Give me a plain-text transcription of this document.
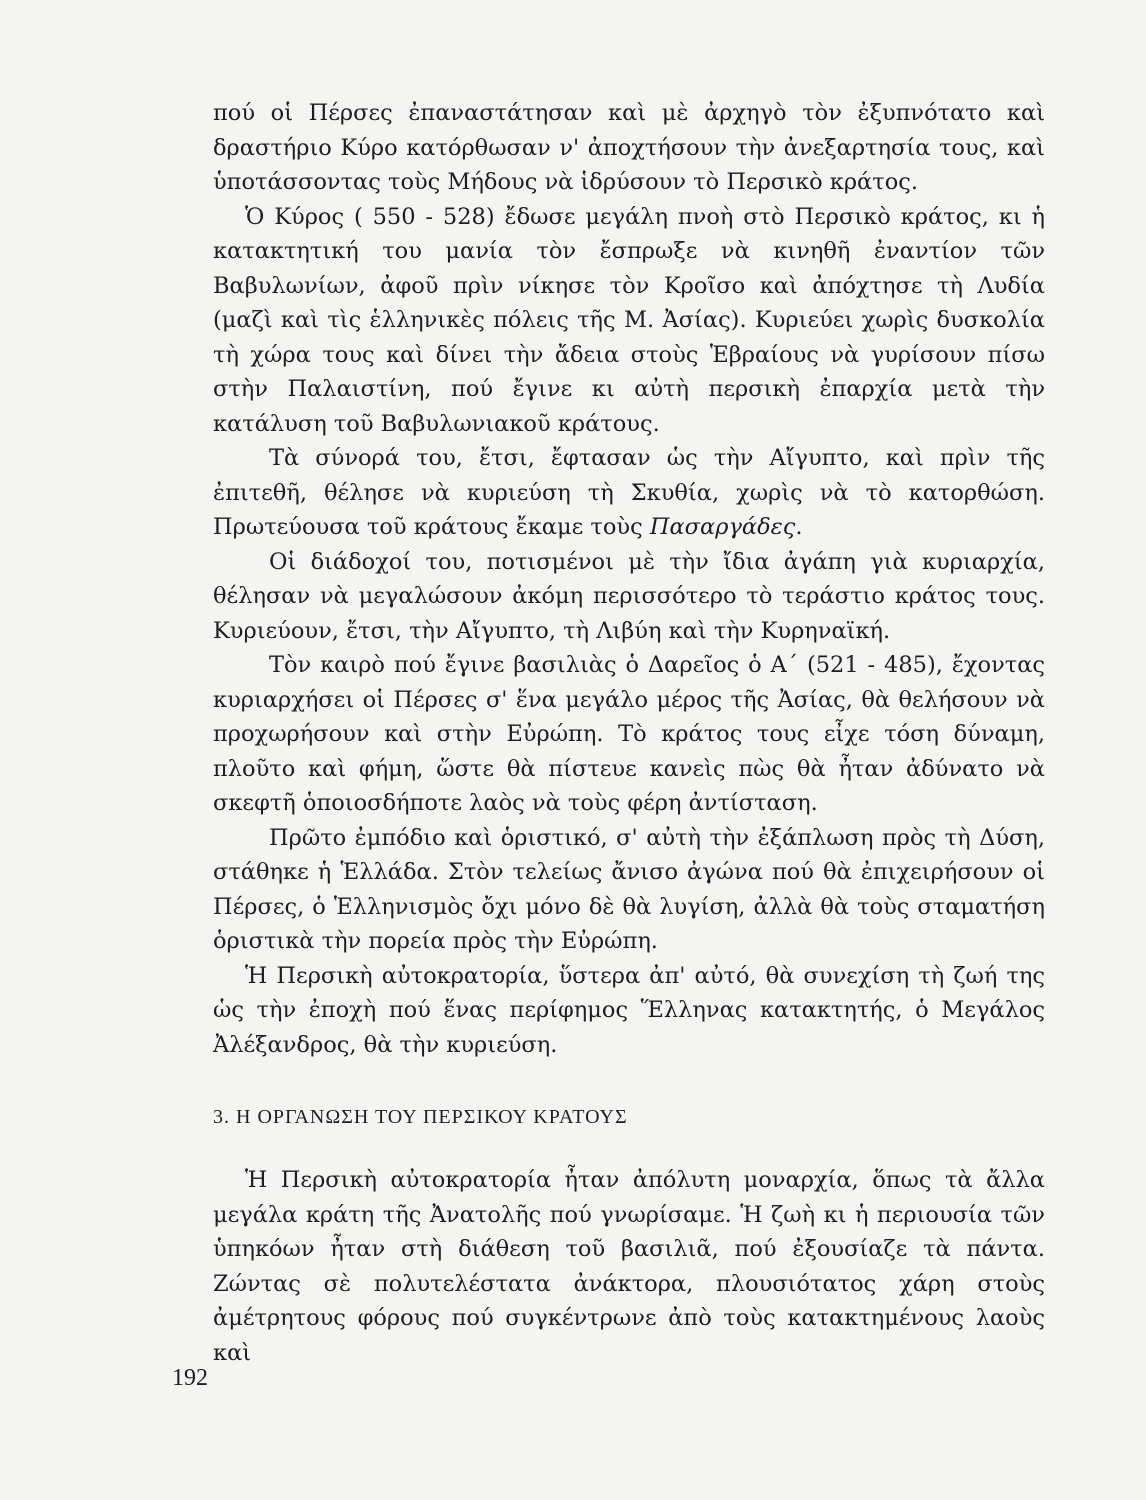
πού οἱ Πέρσες ἐπαναστάτησαν καὶ μὲ ἀρχηγὸ τὸν ἐξυπνότατο καὶ δραστήριο Κύρο κατόρθωσαν ν' ἀποχτήσουν τὴν ἀνεξαρτησία τους, καὶ ὑποτάσσοντας τοὺς Μήδους νὰ ἱδρύσουν τὸ Περσικὸ κράτος.

Ὁ Κύρος ( 550 - 528) ἔδωσε μεγάλη πνοὴ στὸ Περσικὸ κράτος, κι ἡ κατακτητική του μανία τὸν ἔσπρωξε νὰ κινηθῆ ἐναντίον τῶν Βαβυλωνίων, ἀφοῦ πρὶν νίκησε τὸν Κροῖσο καὶ ἀπόχτησε τὴ Λυδία (μαζὶ καὶ τὶς ἑλληνικὲς πόλεις τῆς Μ. Ἀσίας). Κυριεύει χωρὶς δυσκολία τὴ χώρα τους καὶ δίνει τὴν ἄδεια στοὺς Ἑβραίους νὰ γυρίσουν πίσω στὴν Παλαιστίνη, πού ἔγινε κι αὐτὴ περσικὴ ἐπαρχία μετὰ τὴν κατάλυση τοῦ Βαβυλωνιακοῦ κράτους.

Τὰ σύνορά του, ἔτσι, ἔφτασαν ὡς τὴν Αἴγυπτο, καὶ πρὶν τῆς ἐπιτεθῆ, θέλησε νὰ κυριεύση τὴ Σκυθία, χωρὶς νὰ τὸ κατορθώση. Πρωτεύουσα τοῦ κράτους ἔκαμε τοὺς Πασαργάδες.

Οἱ διάδοχοί του, ποτισμένοι μὲ τὴν ἴδια ἀγάπη γιὰ κυριαρχία, θέλησαν νὰ μεγαλώσουν ἀκόμη περισσότερο τὸ τεράστιο κράτος τους. Κυριεύουν, ἔτσι, τὴν Αἴγυπτο, τὴ Λιβύη καὶ τὴν Κυρηναϊκή.

Τὸν καιρὸ πού ἔγινε βασιλιὰς ὁ Δαρεῖος ὁ Α΄ (521 - 485), ἔχοντας κυριαρχήσει οἱ Πέρσες σ' ἕνα μεγάλο μέρος τῆς Ἀσίας, θὰ θελήσουν νὰ προχωρήσουν καὶ στὴν Εὐρώπη. Τὸ κράτος τους εἶχε τόση δύναμη, πλοῦτο καὶ φήμη, ὥστε θὰ πίστευε κανεὶς πὼς θὰ ἦταν ἀδύνατο νὰ σκεφτῆ ὁποιοσδήποτε λαὸς νὰ τοὺς φέρη ἀντίσταση.

Πρῶτο ἐμπόδιο καὶ ὁριστικό, σ' αὐτὴ τὴν ἐξάπλωση πρὸς τὴ Δύση, στάθηκε ἡ Ἑλλάδα. Στὸν τελείως ἄνισο ἀγώνα πού θὰ ἐπιχειρήσουν οἱ Πέρσες, ὁ Ἑλληνισμὸς ὄχι μόνο δὲ θὰ λυγίση, ἀλλὰ θὰ τοὺς σταματήση ὁριστικὰ τὴν πορεία πρὸς τὴν Εὐρώπη.

Ἡ Περσικὴ αὐτοκρατορία, ὕστερα ἀπ' αὐτό, θὰ συνεχίση τὴ ζωή της ὡς τὴν ἐποχὴ πού ἕνας περίφημος Ἕλληνας κατακτητής, ὁ Μεγάλος Ἀλέξανδρος, θὰ τὴν κυριεύση.

3. Η ΟΡΓΑΝΩΣΗ ΤΟΥ ΠΕΡΣΙΚΟΥ ΚΡΑΤΟΥΣ

Ἡ Περσικὴ αὐτοκρατορία ἦταν ἀπόλυτη μοναρχία, ὅπως τὰ ἄλλα μεγάλα κράτη τῆς Ἀνατολῆς πού γνωρίσαμε. Ἡ ζωὴ κι ἡ περιουσία τῶν ὑπηκόων ἦταν στὴ διάθεση τοῦ βασιλιᾶ, πού ἐξουσίαζε τὰ πάντα. Ζώντας σὲ πολυτελέστατα ἀνάκτορα, πλουσιότατος χάρη στοὺς ἀμέτρητους φόρους πού συγκέντρωνε ἀπὸ τοὺς κατακτημένους λαοὺς καὶ

192
